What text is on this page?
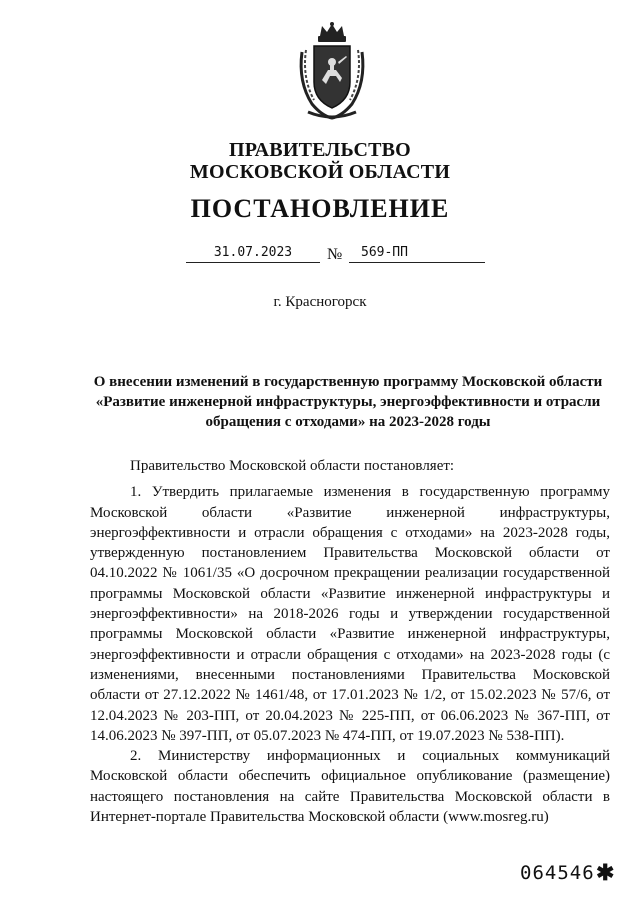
ПРАВИТЕЛЬСТВО
МОСКОВСКОЙ ОБЛАСТИ
ПОСТАНОВЛЕНИЕ
31.07.2023	№	569-ПП
г. Красногорск
О внесении изменений в государственную программу Московской области
«Развитие инженерной инфраструктуры, энергоэффективности и отрасли
обращения с отходами» на 2023-2028 годы

Правительство Московской области постановляет:

1. Утвердить прилагаемые изменения в государственную программу Московской области «Развитие инженерной инфраструктуры, энергоэффективности и отрасли обращения с отходами» на 2023-2028 годы, утвержденную постановлением Правительства Московской области от 04.10.2022 № 1061/35 «О досрочном прекращении реализации государственной программы Московской области «Развитие инженерной инфраструктуры и энергоэффективности» на 2018-2026 годы и утверждении государственной программы Московской области «Развитие инженерной инфраструктуры, энергоэффективности и отрасли обращения с отходами» на 2023-2028 годы (с изменениями, внесенными постановлениями Правительства Московской области от 27.12.2022 № 1461/48, от 17.01.2023 № 1/2, от 15.02.2023 № 57/6, от 12.04.2023 № 203-ПП, от 20.04.2023 № 225-ПП, от 06.06.2023 № 367-ПП, от 14.06.2023 № 397-ПП, от 05.07.2023 № 474-ПП, от 19.07.2023 № 538-ПП).

2. Министерству информационных и социальных коммуникаций Московской области обеспечить официальное опубликование (размещение) настоящего постановления на сайте Правительства Московской области в Интернет-портале Правительства Московской области (www.mosreg.ru)

064546 ✱
